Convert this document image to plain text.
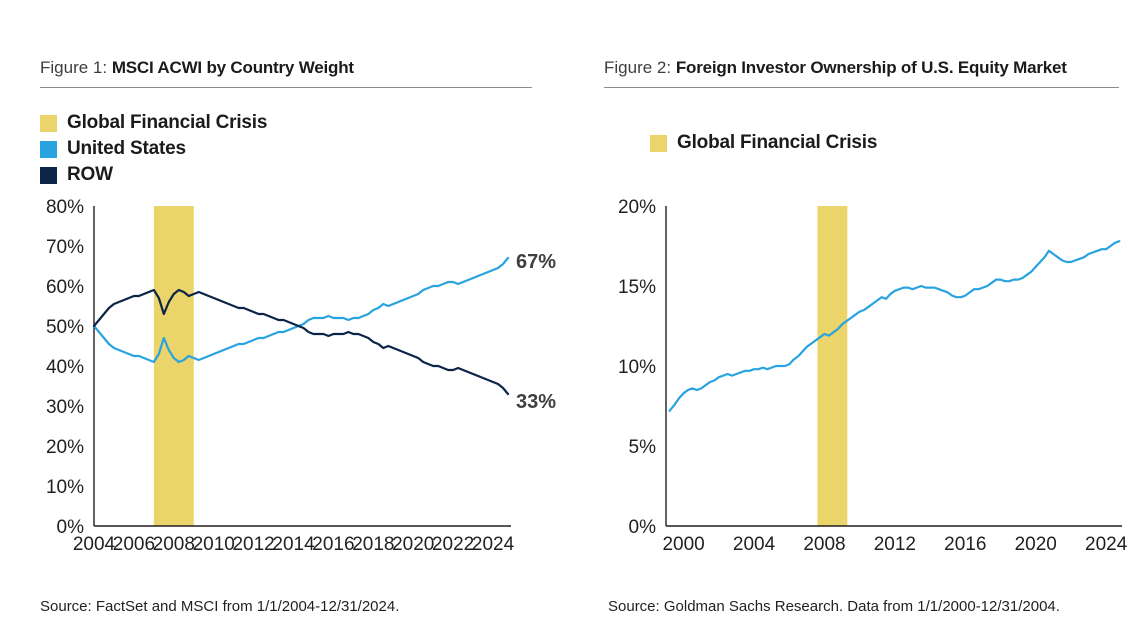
Figure 1: MSCI ACWI by Country Weight
Global Financial Crisis
United States
ROW
0%
10%
20%
30%
40%
50%
60%
70%
80%
2004
2006
2008
2010
2012
2014
2016
2018
2020
2022
2024
67%
33%
Source: FactSet and MSCI from 1/1/2004-12/31/2024.
Figure 2: Foreign Investor Ownership of U.S. Equity Market
Global Financial Crisis
0%
5%
10%
15%
20%
2000 2004 2008 2012 2016 2020 2024
Source: Goldman Sachs Research. Data from 1/1/2000-12/31/2004.
